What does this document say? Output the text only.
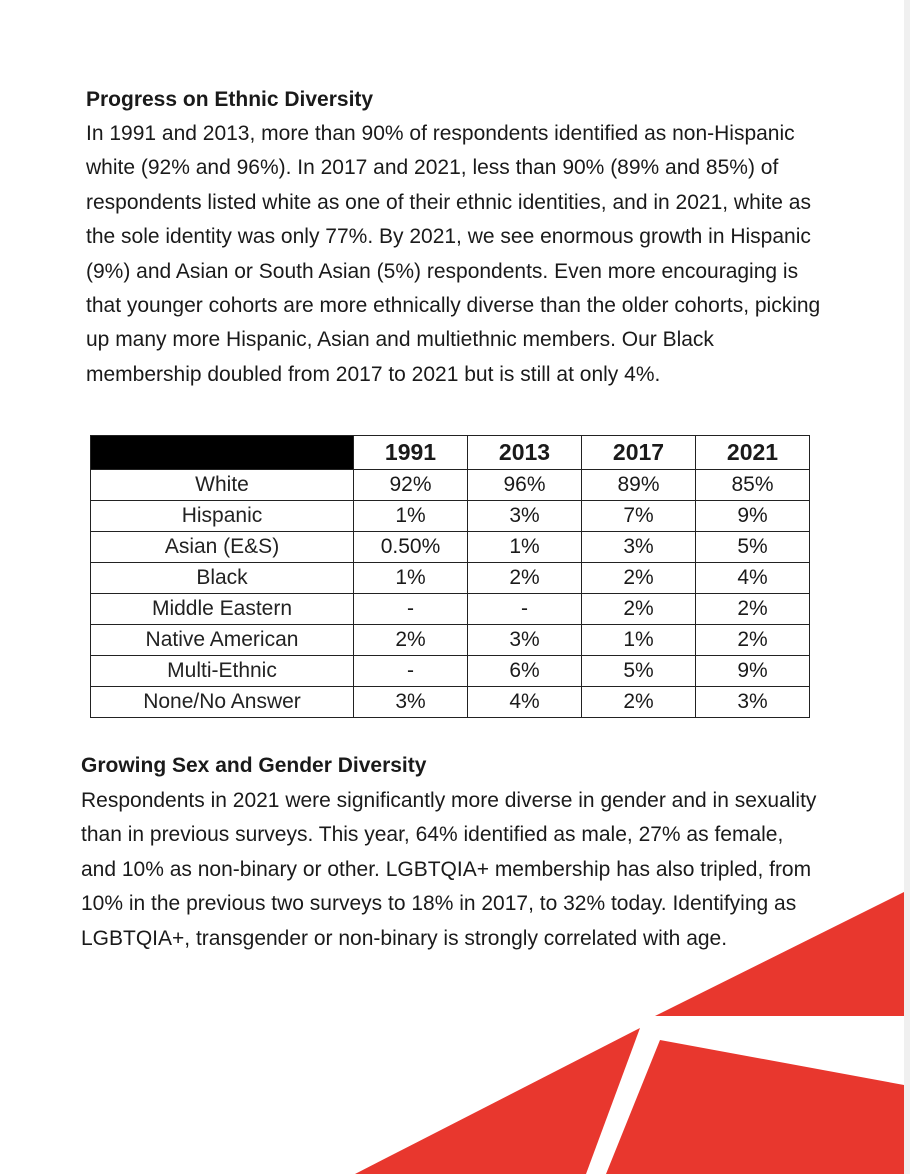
Progress on Ethnic Diversity

In 1991 and 2013, more than 90% of respondents identified as non-Hispanic white (92% and 96%). In 2017 and 2021, less than 90% (89% and 85%) of respondents listed white as one of their ethnic identities, and in 2021, white as the sole identity was only 77%. By 2021, we see enormous growth in Hispanic (9%) and Asian or South Asian (5%) respondents. Even more encouraging is that younger cohorts are more ethnically diverse than the older cohorts, picking up many more Hispanic, Asian and multiethnic members. Our Black membership doubled from 2017 to 2021 but is still at only 4%.

	1991	2013	2017	2021
White	92%	96%	89%	85%
Hispanic	1%	3%	7%	9%
Asian (E&S)	0.50%	1%	3%	5%
Black	1%	2%	2%	4%
Middle Eastern	-	-	2%	2%
Native American	2%	3%	1%	2%
Multi-Ethnic	-	6%	5%	9%
None/No Answer	3%	4%	2%	3%
Growing Sex and Gender Diversity

Respondents in 2021 were significantly more diverse in gender and in sexuality than in previous surveys. This year, 64% identified as male, 27% as female, and 10% as non-binary or other. LGBTQIA+ membership has also tripled, from 10% in the previous two surveys to 18% in 2017, to 32% today. Identifying as LGBTQIA+, transgender or non-binary is strongly correlated with age.
